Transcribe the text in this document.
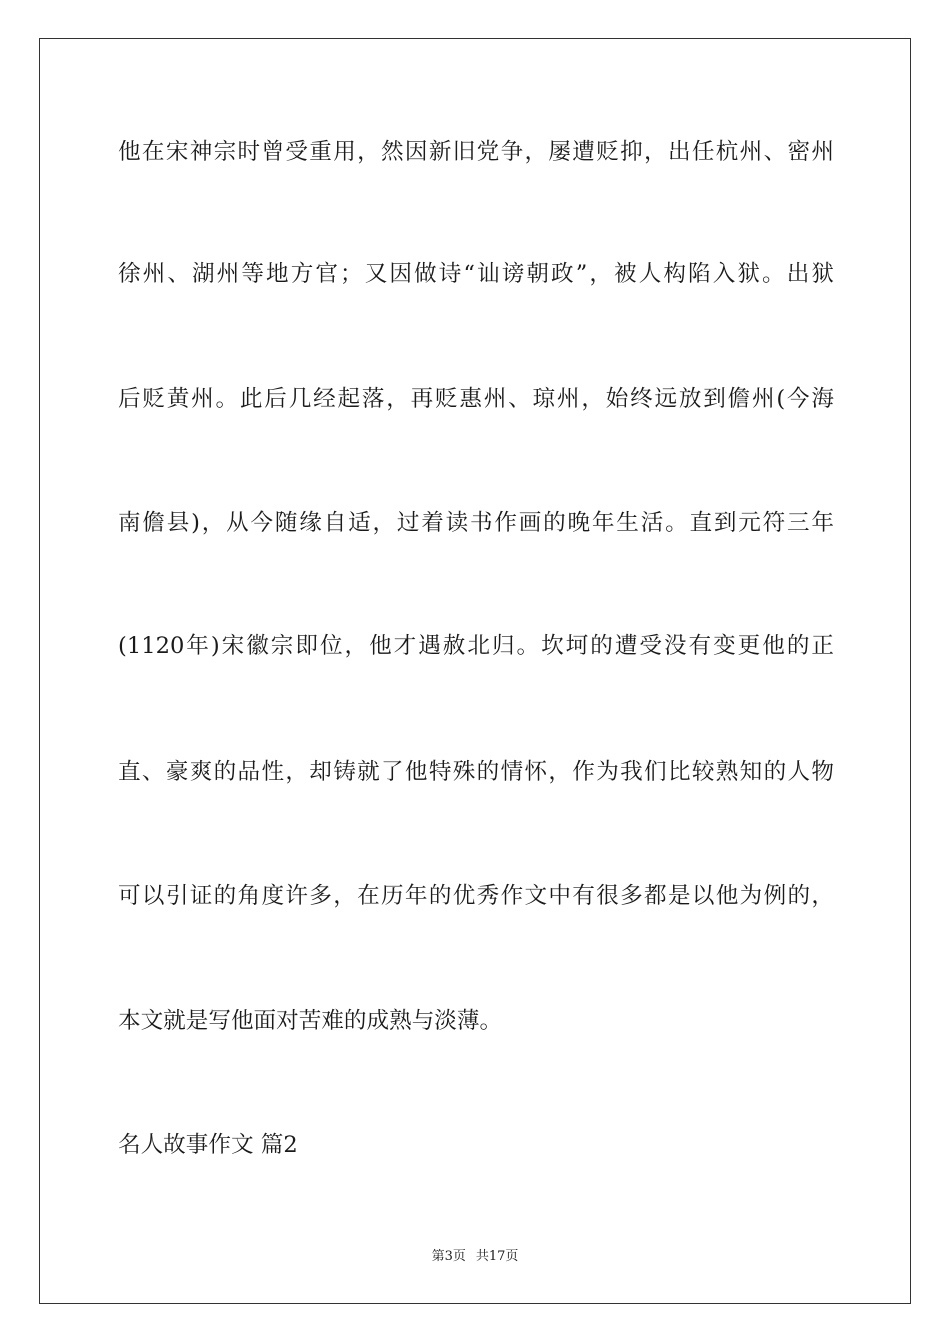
他在宋神宗时曾受重用，然因新旧党争，屡遭贬抑，出任杭州、密州
徐州、湖州等地方官；又因做诗“讪谤朝政”，被人构陷入狱。出狱
后贬黄州。此后几经起落，再贬惠州、琼州，始终远放到儋州(今海
南儋县)，从今随缘自适，过着读书作画的晚年生活。直到元符三年
(1120年)宋徽宗即位，他才遇赦北归。坎坷的遭受没有变更他的正
直、豪爽的品性，却铸就了他特殊的情怀，作为我们比较熟知的人物
可以引证的角度许多，在历年的优秀作文中有很多都是以他为例的，
本文就是写他面对苦难的成熟与淡薄。
名人故事作文 篇2
第3页 共17页
